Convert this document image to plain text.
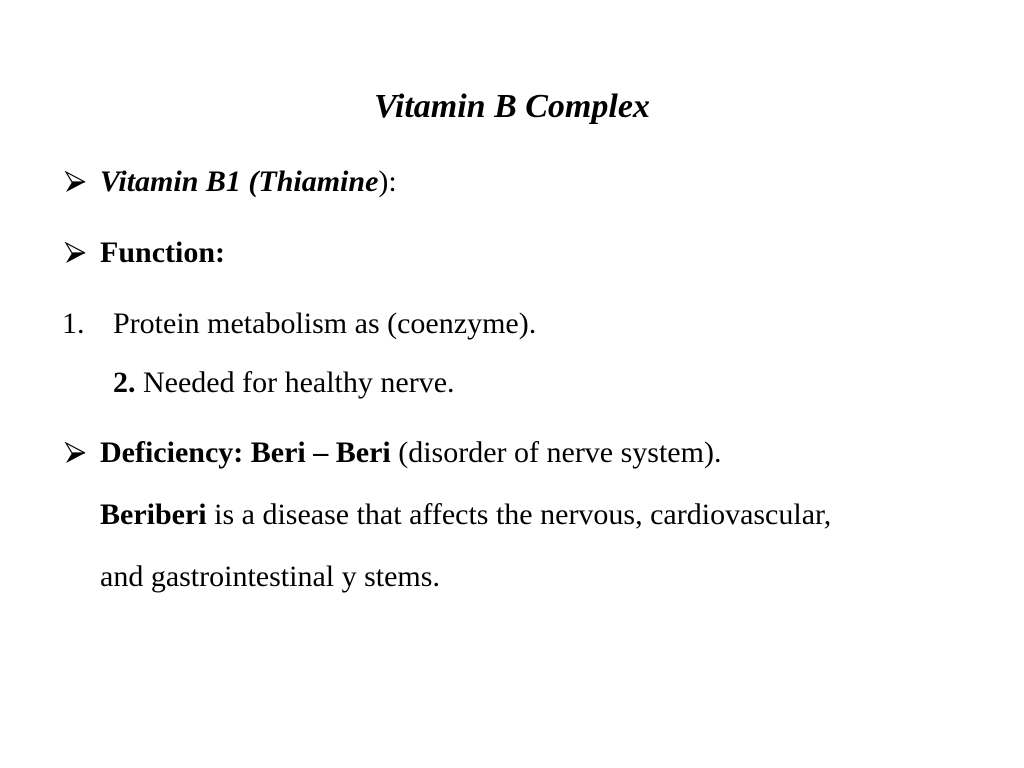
Vitamin B Complex
Vitamin B1 (Thiamine):
Function:
1. Protein metabolism as (coenzyme).
2. Needed for healthy nerve.
Deficiency: Beri – Beri (disorder of nerve system).
Beriberi is a disease that affects the nervous, cardiovascular,
and gastrointestinal y stems.
